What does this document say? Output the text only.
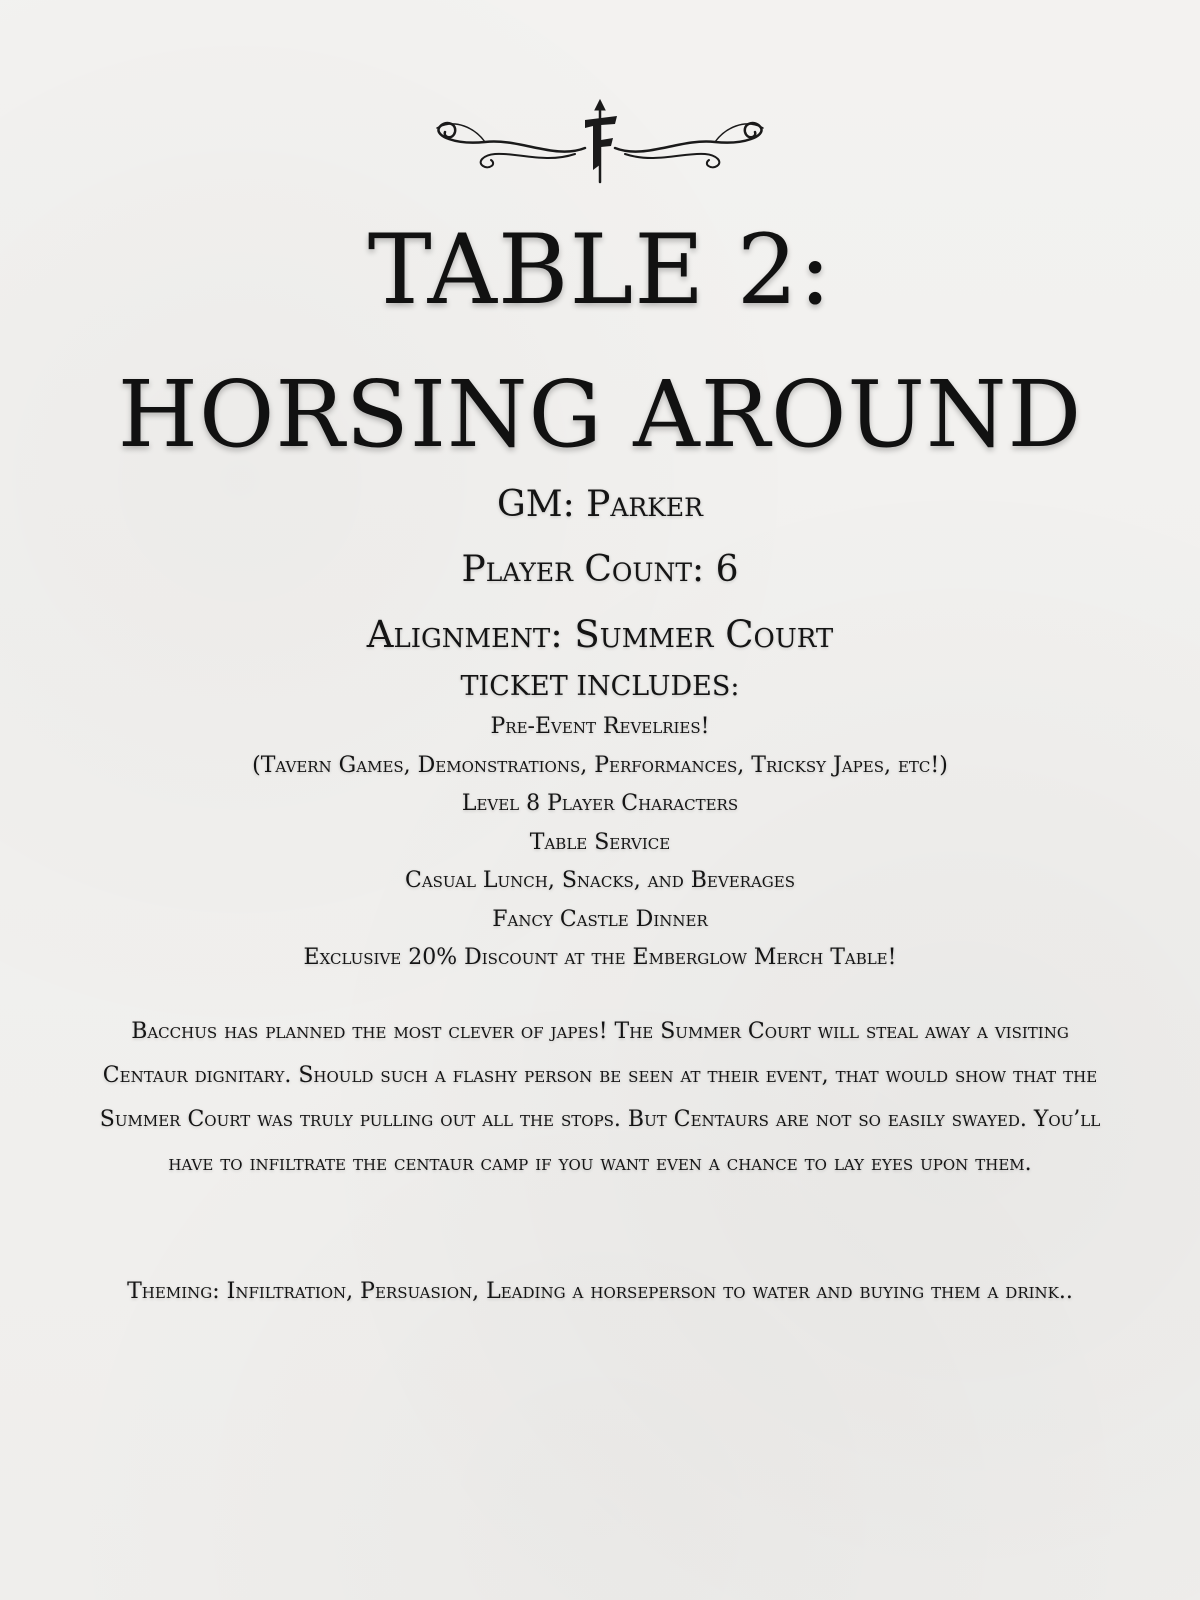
TABLE 2:
HORSING AROUND

GM: Parker

Player Count: 6

Alignment: Summer Court

TICKET INCLUDES:

Pre-Event Revelries!
(Tavern Games, Demonstrations, Performances, Tricksy Japes, etc!)
Level 8 Player Characters
Table Service
Casual Lunch, Snacks, and Beverages
Fancy Castle Dinner
Exclusive 20% Discount at the Emberglow Merch Table!

Bacchus has planned the most clever of japes! The Summer Court will steal away a visiting Centaur dignitary. Should such a flashy person be seen at their event, that would show that the Summer Court was truly pulling out all the stops. But Centaurs are not so easily swayed. You’ll have to infiltrate the centaur camp if you want even a chance to lay eyes upon them.

Theming: Infiltration, Persuasion, Leading a horseperson to water and buying them a drink..
